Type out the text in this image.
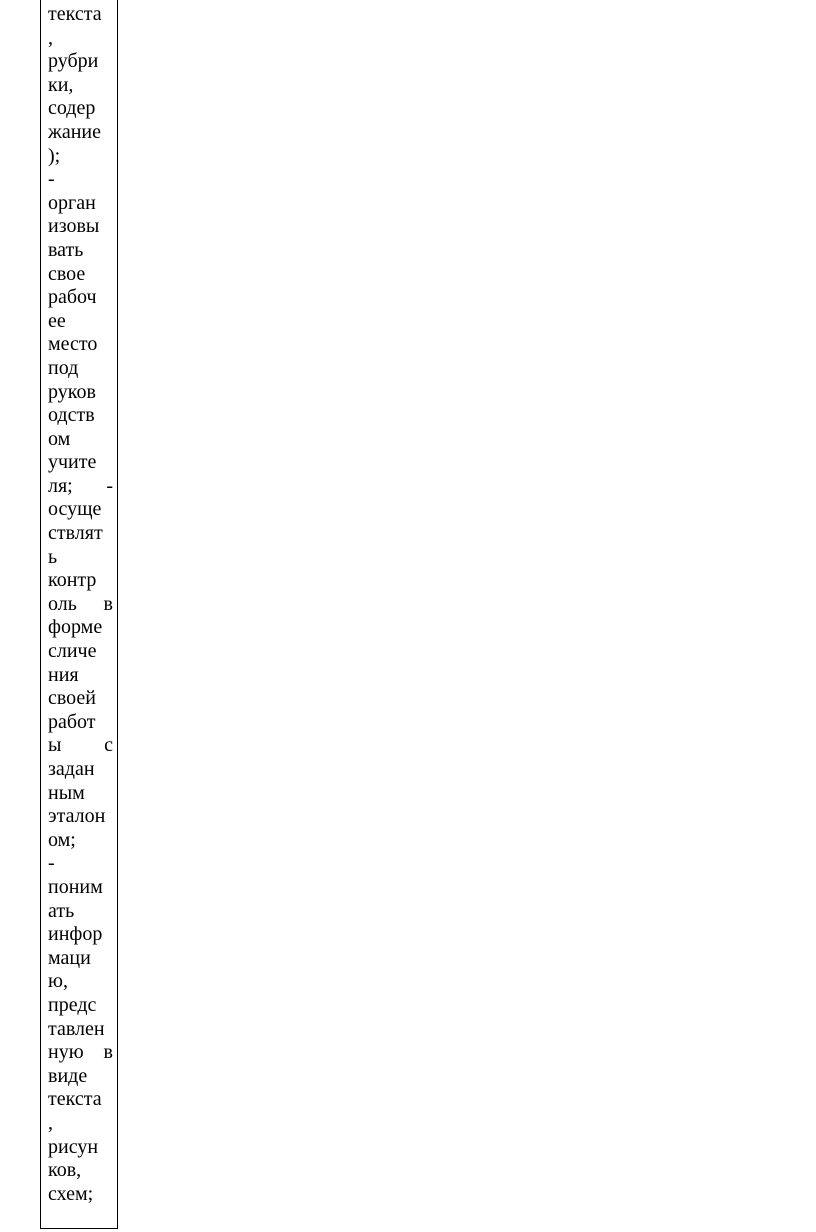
текста
,
рубри
ки,
содер
жание
);
-
орган
изовы
вать
свое
рабоч
ее
место
под
руков
одств
ом
учите
ля; -
осуще
ствлят
ь
контр
оль в
форме
сличе
ния
своей
работ
ы с
задан
ным
эталон
ом;
-
поним
ать
инфор
маци
ю,
предс
тавлен
ную в
виде
текста
,
рисун
ков,
схем;
